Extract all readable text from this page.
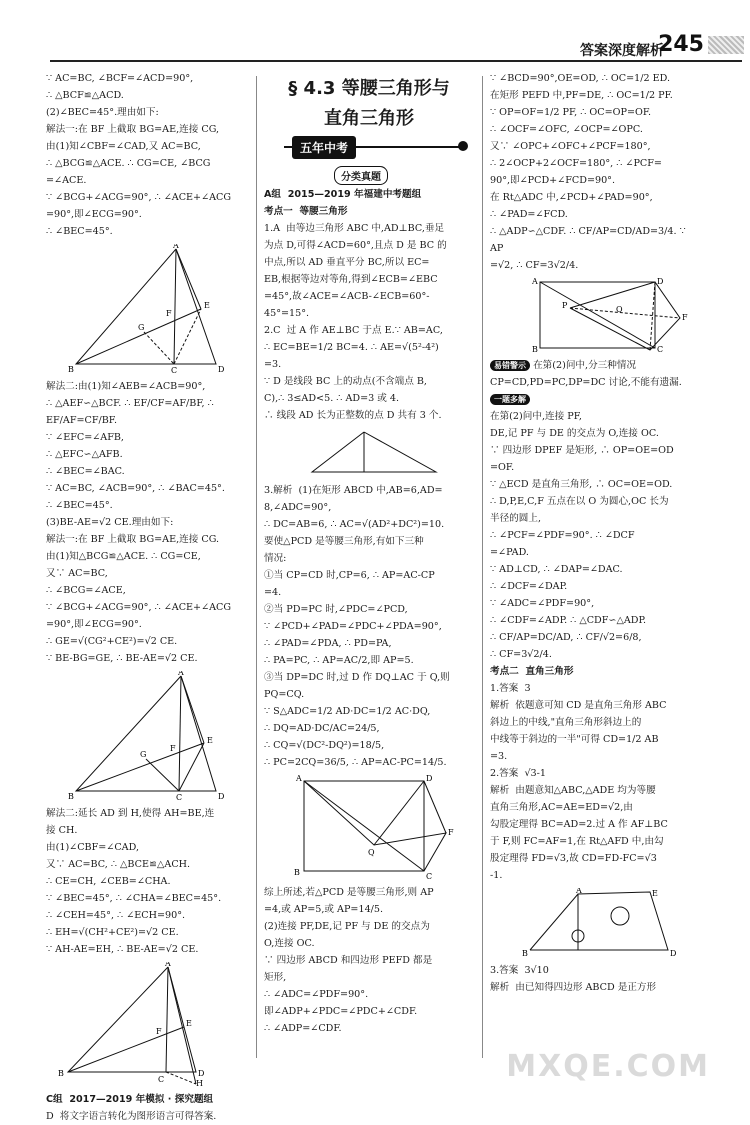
答案深度解析
245

∵ AC=BC, ∠BCF=∠ACD=90°,

∴ △BCF≌△ACD.

(2)∠BEC=45°.理由如下:

解法一:在 BF 上截取 BG=AE,连接 CG,

由(1)知∠CBF=∠CAD,又 AC=BC,

∴ △BCG≌△ACE. ∴ CG=CE, ∠BCG

=∠ACE.

∵ ∠BCG+∠ACG=90°, ∴ ∠ACE+∠ACG

=90°,即∠ECG=90°.

∴ ∠BEC=45°.

A
B	C	D
E
F
G

解法二:由(1)知∠AEB=∠ACB=90°,

∴ △AEF∽△BCF. ∴ EF/CF=AF/BF, ∴ EF/AF=CF/BF.

∵ ∠EFC=∠AFB,

∴ △EFC∽△AFB.

∴ ∠BEC=∠BAC.

∵ AC=BC, ∠ACB=90°, ∴ ∠BAC=45°.

∴ ∠BEC=45°.

(3)BE-AE=√2 CE.理由如下:

解法一:在 BF 上截取 BG=AE,连接 CG.

由(1)知△BCG≌△ACE. ∴ CG=CE,

又∵ AC=BC,

∴ ∠BCG=∠ACE,

∵ ∠BCG+∠ACG=90°, ∴ ∠ACE+∠ACG

=90°,即∠ECG=90°.

∴ GE=√(CG²+CE²)=√2 CE.

∵ BE-BG=GE, ∴ BE-AE=√2 CE.

A
B	C	D
E
F
G

解法二:延长 AD 到 H,使得 AH=BE,连

接 CH.

由(1)∠CBF=∠CAD,

又∵ AC=BC, ∴ △BCE≌△ACH.

∴ CE=CH, ∠CEB=∠CHA.

∵ ∠BEC=45°, ∴ ∠CHA=∠BEC=45°.

∴ ∠CEH=45°, ∴ ∠ECH=90°.

∴ EH=√(CH²+CE²)=√2 CE.

∵ AH-AE=EH, ∴ BE-AE=√2 CE.

A
B
C
D
E
F
H

C组  2017—2019 年模拟 · 探究题组

D  将文字语言转化为图形语言可得答案.

§ 4.3 等腰三角形与
直角三角形
五年中考
分类真题

A组  2015—2019 年福建中考题组

考点一  等腰三角形

1.A  由等边三角形 ABC 中,AD⊥BC,垂足

为点 D,可得∠ACD=60°,且点 D 是 BC 的

中点,所以 AD 垂直平分 BC,所以 EC=

EB,根据等边对等角,得到∠ECB=∠EBC

=45°,故∠ACE=∠ACB-∠ECB=60°-

45°=15°.

2.C  过 A 作 AE⊥BC 于点 E.∵ AB=AC,

∴ EC=BE=1/2 BC=4. ∴ AE=√(5²-4²)

=3.

∵ D 是线段 BC 上的动点(不含端点 B,

C),∴ 3≤AD<5. ∴ AD=3 或 4.

∴ 线段 AD 长为正整数的点 D 共有 3 个.

3.解析  (1)在矩形 ABCD 中,AB=6,AD=

8,∠ADC=90°,

∴ DC=AB=6, ∴ AC=√(AD²+DC²)=10.

要使△PCD 是等腰三角形,有如下三种

情况:

①当 CP=CD 时,CP=6, ∴ AP=AC-CP

=4.

②当 PD=PC 时,∠PDC=∠PCD,

∵ ∠PCD+∠PAD=∠PDC+∠PDA=90°,

∴ ∠PAD=∠PDA, ∴ PD=PA,

∴ PA=PC, ∴ AP=AC/2,即 AP=5.

③当 DP=DC 时,过 D 作 DQ⊥AC 于 Q,则

PQ=CQ.

∵ S△ADC=1/2 AD·DC=1/2 AC·DQ,

∴ DQ=AD·DC/AC=24/5,

∴ CQ=√(DC²-DQ²)=18/5,

∴ PC=2CQ=36/5, ∴ AP=AC-PC=14/5.

A	D
B	C
F
Q

综上所述,若△PCD 是等腰三角形,则 AP

=4,或 AP=5,或 AP=14/5.

(2)连接 PF,DE,记 PF 与 DE 的交点为

O,连接 OC.

∵ 四边形 ABCD 和四边形 PEFD 都是

矩形,

∴ ∠ADC=∠PDF=90°.

即∠ADP+∠PDC=∠PDC+∠CDF.

∴ ∠ADP=∠CDF.

∵ ∠BCD=90°,OE=OD, ∴ OC=1/2 ED.

在矩形 PEFD 中,PF=DE, ∴ OC=1/2 PF.

∵ OP=OF=1/2 PF, ∴ OC=OP=OF.

∴ ∠OCF=∠OFC, ∠OCP=∠OPC.

又∵ ∠OPC+∠OFC+∠PCF=180°,

∴ 2∠OCP+2∠OCF=180°, ∴ ∠PCF=

90°,即∠PCD+∠FCD=90°.

在 Rt△ADC 中,∠PCD+∠PAD=90°,

∴ ∠PAD=∠FCD.

∴ △ADP∽△CDF. ∴ CF/AP=CD/AD=3/4. ∵ AP

=√2, ∴ CF=3√2/4.

A	D
B	C
P	O
F

易错警示 在第(2)问中,分三种情况 CP=CD,PD=PC,DP=DC 讨论,不能有遗漏.

一题多解

在第(2)问中,连接 PF,

DE,记 PF 与 DE 的交点为 O,连接 OC.

∵ 四边形 DPEF 是矩形, ∴ OP=OE=OD

=OF.

∵ △ECD 是直角三角形, ∴ OC=OE=OD.

∴ D,P,E,C,F 五点在以 O 为圆心,OC 长为

半径的圆上,

∴ ∠PCF=∠PDF=90°. ∴ ∠DCF

=∠PAD.

∵ AD⊥CD, ∴ ∠DAP=∠DAC.

∴ ∠DCF=∠DAP.

∵ ∠ADC=∠PDF=90°,

∴ ∠CDF=∠ADP. ∴ △CDF∽△ADP.

∴ CF/AP=DC/AD, ∴ CF/√2=6/8,

∴ CF=3√2/4.

考点二  直角三角形

1.答案  3

解析  依题意可知 CD 是直角三角形 ABC

斜边上的中线,"直角三角形斜边上的

中线等于斜边的一半"可得 CD=1/2 AB

=3.

2.答案  √3-1

解析  由题意知△ABC,△ADE 均为等腰

直角三角形,AC=AE=ED=√2,由

勾股定理得 BC=AD=2.过 A 作 AF⊥BC

于 F,则 FC=AF=1,在 Rt△AFD 中,由勾

股定理得 FD=√3,故 CD=FD-FC=√3

-1.

B
A	E
D

3.答案  3√10

解析  由已知得四边形 ABCD 是正方形

MXQE.COM
